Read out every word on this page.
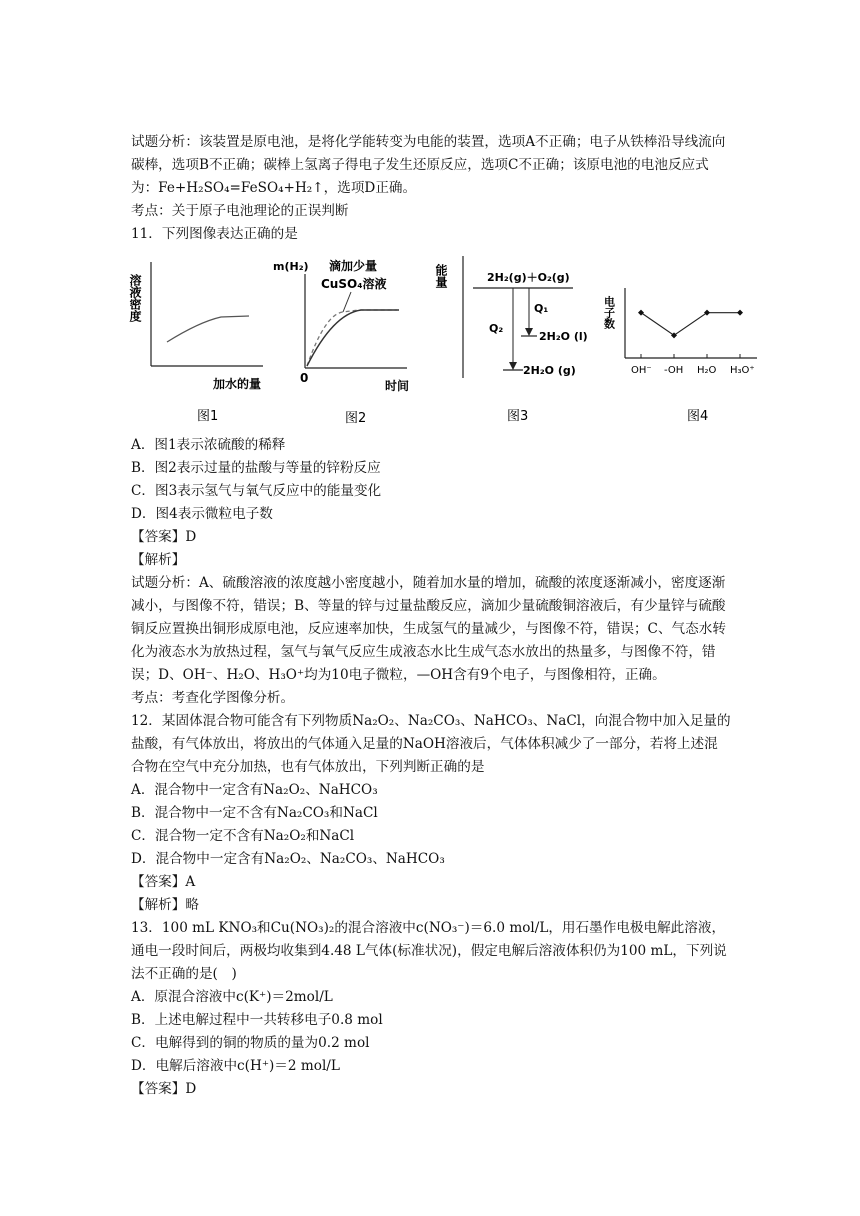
试题分析：该装置是原电池，是将化学能转变为电能的装置，选项A不正确；电子从铁棒沿导线流向碳棒，选项B不正确；碳棒上氢离子得电子发生还原反应，选项C不正确；该原电池的电池反应式为：Fe+H₂SO₄=FeSO₄+H₂↑，选项D正确。

考点：关于原子电池理论的正误判断

11．下列图像表达正确的是

溶液密度
加水的量
图1
m(H₂) 滴加少量
CuSO₄溶液
0
时间
图2
能量	2H₂(g)＋O₂(g)
Q₁
Q₂
2H₂O (l)
2H₂O (g)
图3
电子数
OH⁻ -OH H₂O H₃O⁺
图4

A．图1表示浓硫酸的稀释

B．图2表示过量的盐酸与等量的锌粉反应

C．图3表示氢气与氧气反应中的能量变化

D．图4表示微粒电子数

【答案】D

【解析】

试题分析：A、硫酸溶液的浓度越小密度越小，随着加水量的增加，硫酸的浓度逐渐减小，密度逐渐减小，与图像不符，错误；B、等量的锌与过量盐酸反应，滴加少量硫酸铜溶液后，有少量锌与硫酸铜反应置换出铜形成原电池，反应速率加快，生成氢气的量减少，与图像不符，错误；C、气态水转化为液态水为放热过程，氢气与氧气反应生成液态水比生成气态水放出的热量多，与图像不符，错误；D、OH⁻、H₂O、H₃O⁺均为10电子微粒，—OH含有9个电子，与图像相符，正确。

考点：考查化学图像分析。

12．某固体混合物可能含有下列物质Na₂O₂、Na₂CO₃、NaHCO₃、NaCl，向混合物中加入足量的盐酸，有气体放出，将放出的气体通入足量的NaOH溶液后，气体体积减少了一部分，若将上述混合物在空气中充分加热，也有气体放出，下列判断正确的是

A．混合物中一定含有Na₂O₂、NaHCO₃

B．混合物中一定不含有Na₂CO₃和NaCl

C．混合物一定不含有Na₂O₂和NaCl

D．混合物中一定含有Na₂O₂、Na₂CO₃、NaHCO₃

【答案】A

【解析】略

13．100 mL KNO₃和Cu(NO₃)₂的混合溶液中c(NO₃⁻)＝6.0 mol/L，用石墨作电极电解此溶液，通电一段时间后，两极均收集到4.48 L气体(标准状况)，假定电解后溶液体积仍为100 mL，下列说法不正确的是(　)

A．原混合溶液中c(K⁺)＝2mol/L

B．上述电解过程中一共转移电子0.8 mol

C．电解得到的铜的物质的量为0.2 mol

D．电解后溶液中c(H⁺)＝2 mol/L

【答案】D
